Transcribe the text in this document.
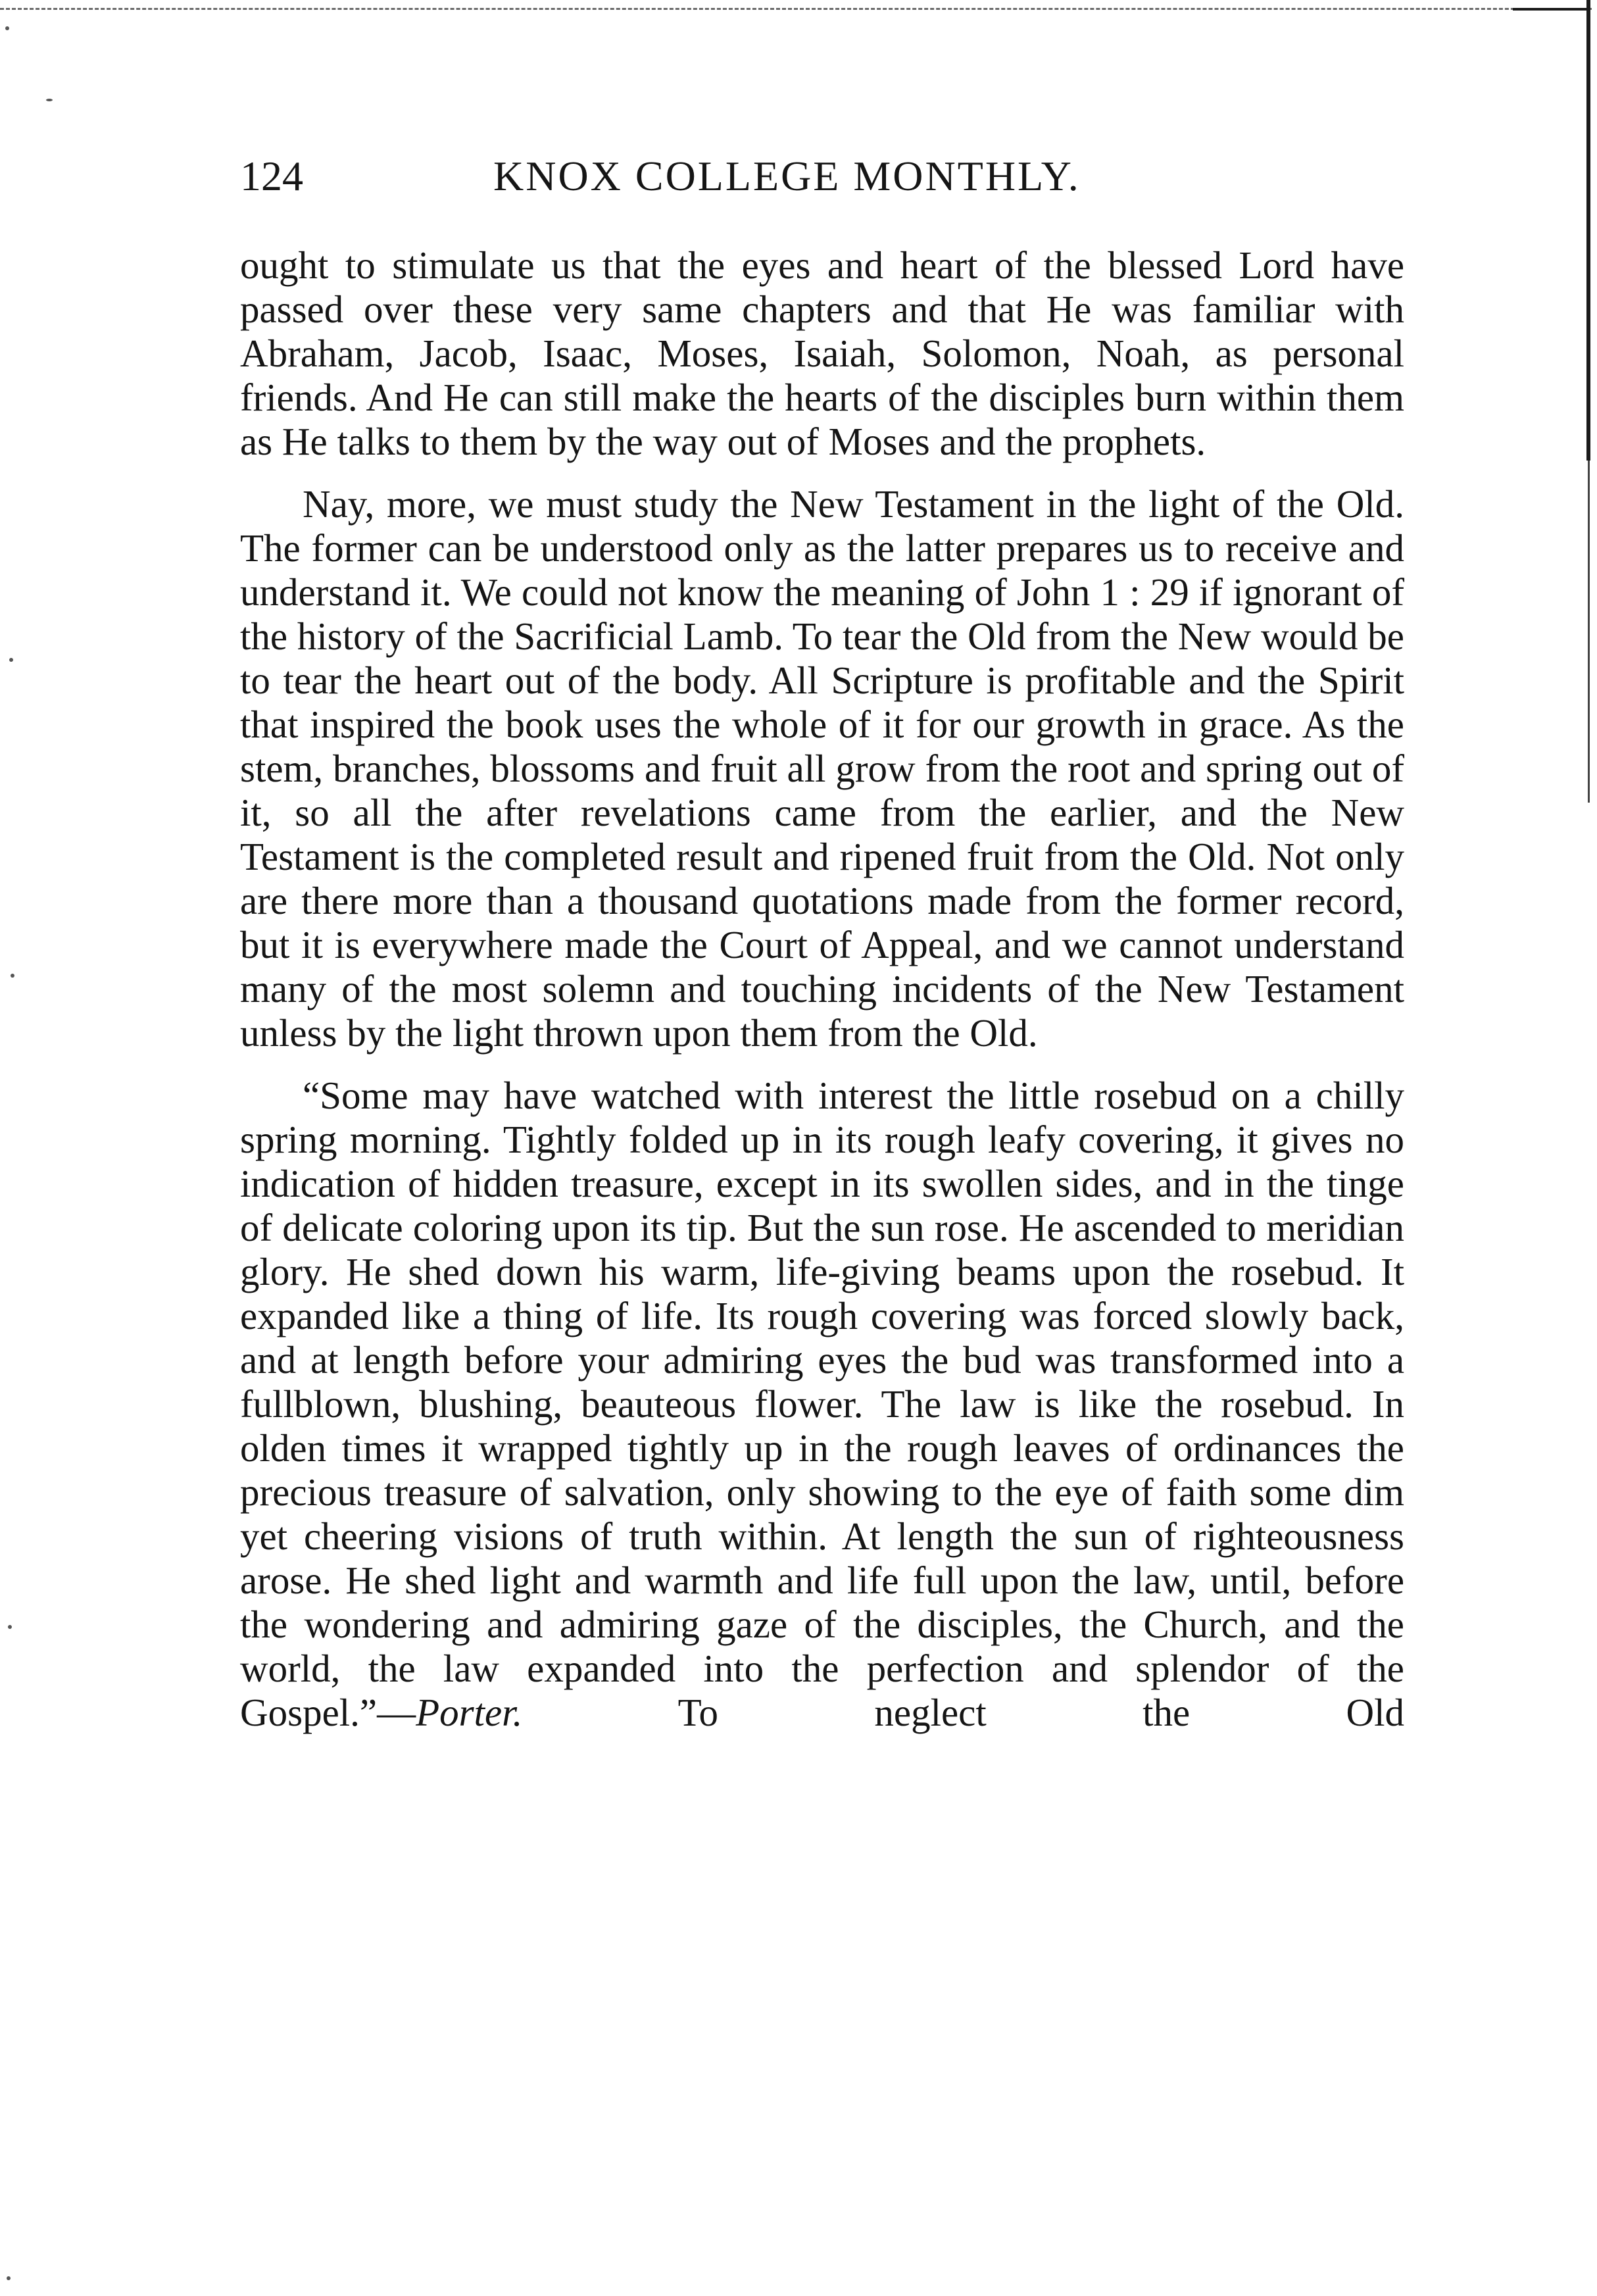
124	KNOX COLLEGE MONTHLY.

ought to stimulate us that the eyes and heart of the blessed Lord have passed over these very same chapters and that He was familiar with Abraham, Jacob, Isaac, Moses, Isaiah, Solomon, Noah, as personal friends. And He can still make the hearts of the disciples burn within them as He talks to them by the way out of Moses and the prophets.

Nay, more, we must study the New Testament in the light of the Old. The former can be understood only as the latter prepares us to receive and understand it. We could not know the meaning of John 1 : 29 if ignorant of the history of the Sacrificial Lamb. To tear the Old from the New would be to tear the heart out of the body. All Scripture is profitable and the Spirit that inspired the book uses the whole of it for our growth in grace. As the stem, branches, blossoms and fruit all grow from the root and spring out of it, so all the after revelations came from the earlier, and the New Testament is the completed result and ripened fruit from the Old. Not only are there more than a thousand quotations made from the former record, but it is everywhere made the Court of Appeal, and we cannot understand many of the most solemn and touching incidents of the New Testament unless by the light thrown upon them from the Old.

“Some may have watched with interest the little rosebud on a chilly spring morning. Tightly folded up in its rough leafy covering, it gives no indication of hidden treasure, except in its swollen sides, and in the tinge of delicate coloring upon its tip. But the sun rose. He ascended to meridian glory. He shed down his warm, life-giving beams upon the rosebud. It expanded like a thing of life. Its rough covering was forced slowly back, and at length before your admiring eyes the bud was transformed into a fullblown, blushing, beauteous flower. The law is like the rosebud. In olden times it wrapped tightly up in the rough leaves of ordinances the precious treasure of salvation, only showing to the eye of faith some dim yet cheering visions of truth within. At length the sun of righteousness arose. He shed light and warmth and life full upon the law, until, before the wondering and admiring gaze of the disciples, the Church, and the world, the law expanded into the perfection and splendor of the Gospel.”—Porter. To neglect the Old
